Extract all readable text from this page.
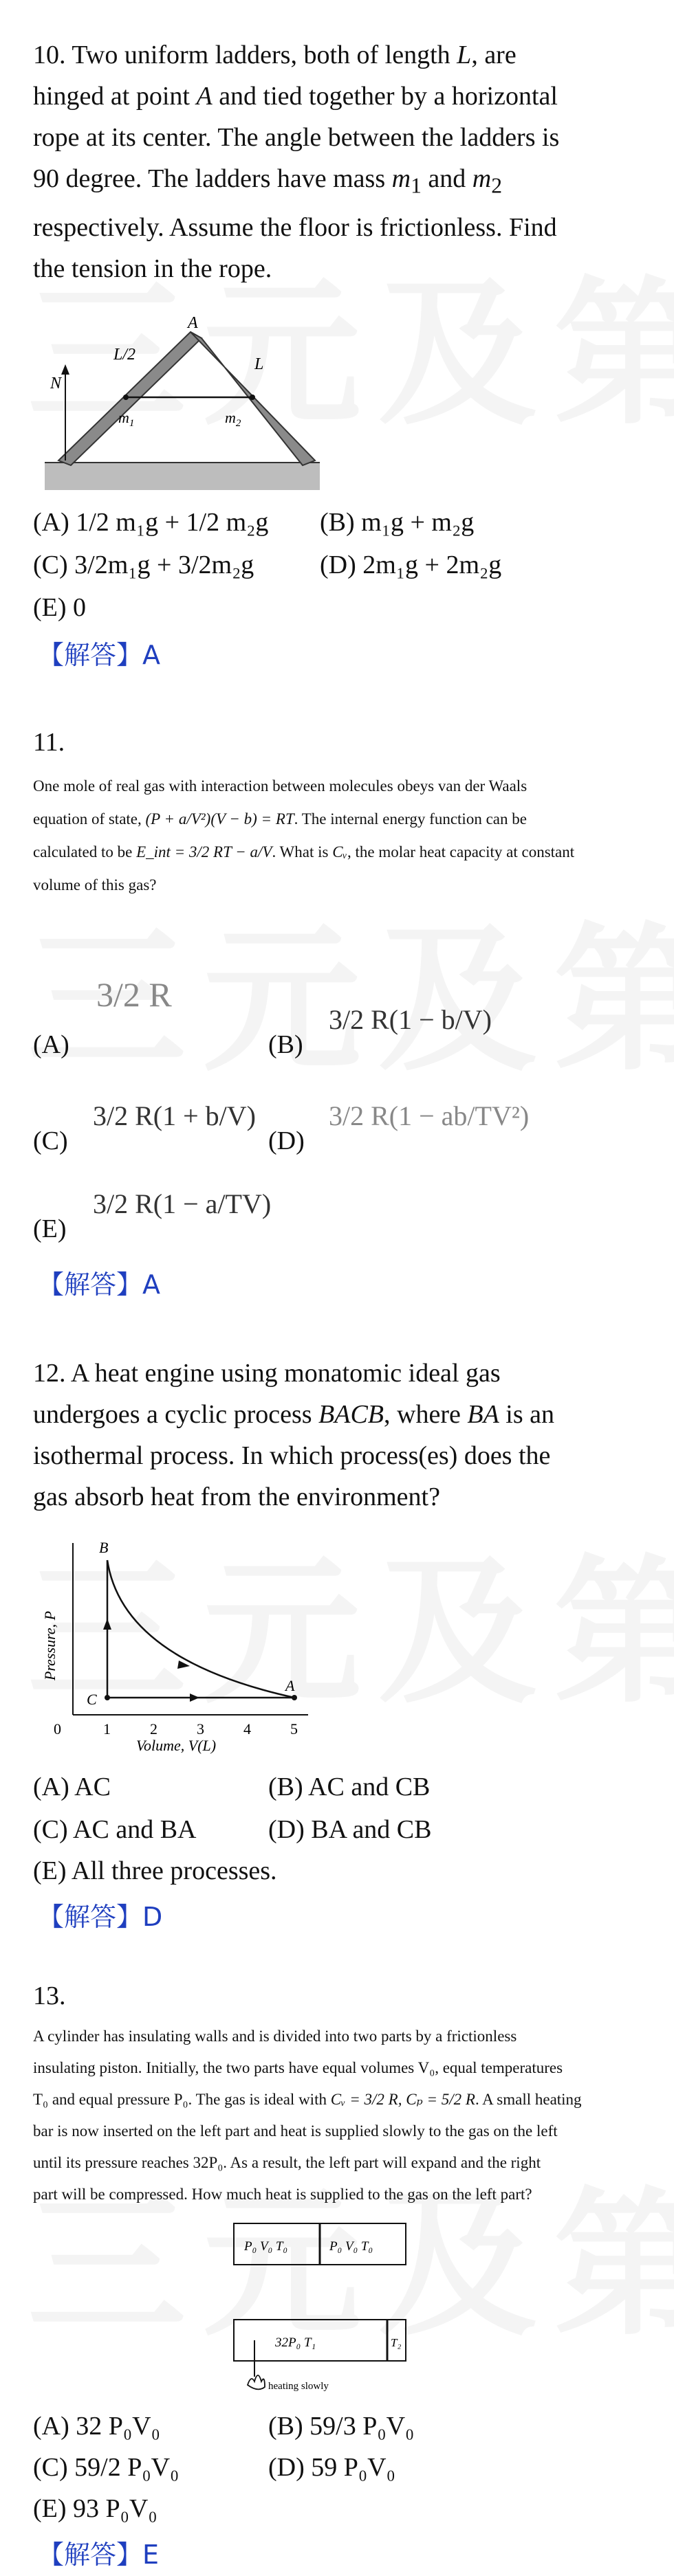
10. Two uniform ladders, both of length L, are
hinged at point A and tied together by a horizontal
rope at its center. The angle between the ladders is
90 degree. The ladders have mass $m_1$ and $m_2$
respectively. Assume the floor is frictionless. Find
the tension in the rope.
N
A
L/2
L
$m_1$	$m_2$
(A) 1/2 m₁g + 1/2 m₂g (B) m₁g + m₂g
(C) 3/2m₁g + 3/2m₂g	(D) 2m₁g + 2m₂g
(E) 0
【解答】A
11.
One mole of real gas with interaction between molecules obeys van der Waals
equation of state, (P + a/V²)(V − b) = RT. The internal energy function can be
calculated to be E_int = 3/2 RT − a/V. What is Cᵥ, the molar heat capacity at constant
volume of this gas?
(A)
3/2 R
(B)
3/2 R(1 − b/V)
(C)
3/2 R(1 + b/V)
(D)
3/2 R(1 − ab/TV²)
(E)
3/2 R(1 − a/TV)
【解答】A
12. A heat engine using monatomic ideal gas
undergoes a cyclic process BACB, where BA is an
isothermal process. In which process(es) does the
gas absorb heat from the environment?
Pressure, P
B
C
A
0	1	2	3	4	5
Volume, V(L)
(A) AC	(B) AC and CB
(C) AC and BA	(D) BA and CB
(E) All three processes.
【解答】D
13.
A cylinder has insulating walls and is divided into two parts by a frictionless
insulating piston. Initially, the two parts have equal volumes V₀, equal temperatures
T₀ and equal pressure P₀. The gas is ideal with Cᵥ = 3/2 R, Cₚ = 5/2 R. A small heating
bar is now inserted on the left part and heat is supplied slowly to the gas on the left
until its pressure reaches 32P₀. As a result, the left part will expand and the right
part will be compressed. How much heat is supplied to the gas on the left part?
P₀ V₀ T₀	P₀ V₀ T₀
32P₀ T₁	T₂
heating slowly
(A) 32 P₀V₀	(B) 59/3 P₀V₀
(C) 59/2 P₀V₀	(D) 59 P₀V₀
(E) 93 P₀V₀
【解答】E
